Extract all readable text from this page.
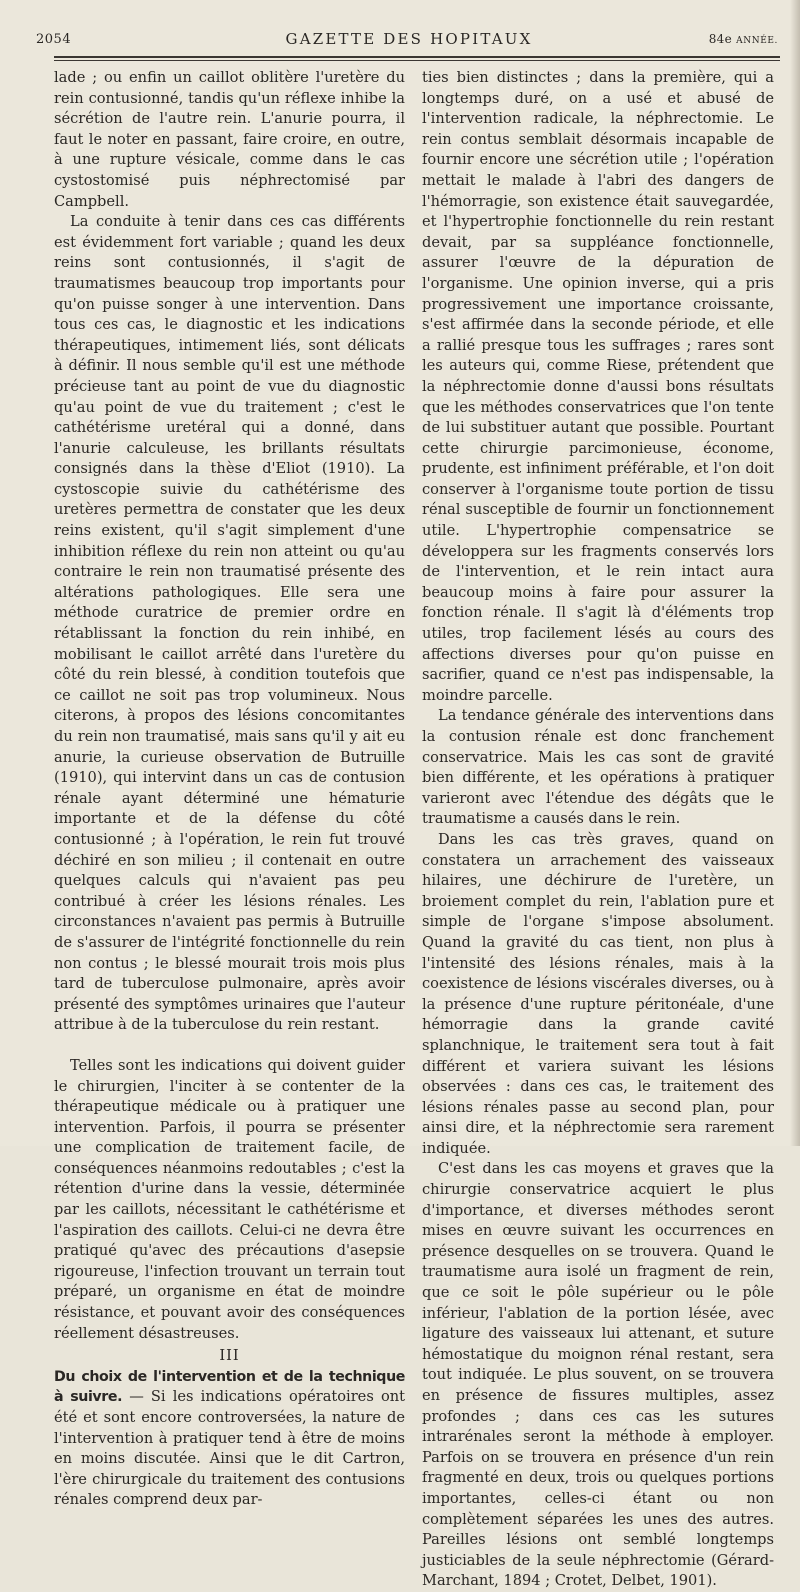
2054	GAZETTE DES HOPITAUX	84e ANNÉE.

lade ; ou enfin un caillot oblitère l'uretère du rein contusionné, tandis qu'un réflexe inhibe la sécrétion de l'autre rein. L'anurie pourra, il faut le noter en passant, faire croire, en outre, à une rupture vésicale, comme dans le cas cystostomisé puis néphrectomisé par Campbell.

La conduite à tenir dans ces cas différents est évidemment fort variable ; quand les deux reins sont contusionnés, il s'agit de traumatismes beaucoup trop importants pour qu'on puisse songer à une intervention. Dans tous ces cas, le diagnostic et les indications thérapeutiques, intimement liés, sont délicats à définir. Il nous semble qu'il est une méthode précieuse tant au point de vue du diagnostic qu'au point de vue du traitement ; c'est le cathétérisme uretéral qui a donné, dans l'anurie calculeuse, les brillants résultats consignés dans la thèse d'Eliot (1910). La cystoscopie suivie du cathétérisme des uretères permettra de constater que les deux reins existent, qu'il s'agit simplement d'une inhibition réflexe du rein non atteint ou qu'au contraire le rein non traumatisé présente des altérations pathologiques. Elle sera une méthode curatrice de premier ordre en rétablissant la fonction du rein inhibé, en mobilisant le caillot arrêté dans l'uretère du côté du rein blessé, à condition toutefois que ce caillot ne soit pas trop volumineux. Nous citerons, à propos des lésions concomitantes du rein non traumatisé, mais sans qu'il y ait eu anurie, la curieuse observation de Butruille (1910), qui intervint dans un cas de contusion rénale ayant déterminé une hématurie importante et de la défense du côté contusionné ; à l'opération, le rein fut trouvé déchiré en son milieu ; il contenait en outre quelques calculs qui n'avaient pas peu contribué à créer les lésions rénales. Les circonstances n'avaient pas permis à Butruille de s'assurer de l'intégrité fonctionnelle du rein non contus ; le blessé mourait trois mois plus tard de tuberculose pulmonaire, après avoir présenté des symptômes urinaires que l'auteur attribue à de la tuberculose du rein restant.

Telles sont les indications qui doivent guider le chirurgien, l'inciter à se contenter de la thérapeutique médicale ou à pratiquer une intervention. Parfois, il pourra se présenter une complication de traitement facile, de conséquences néanmoins redoutables ; c'est la rétention d'urine dans la vessie, déterminée par les caillots, nécessitant le cathétérisme et l'aspiration des caillots. Celui-ci ne devra être pratiqué qu'avec des précautions d'asepsie rigoureuse, l'infection trouvant un terrain tout préparé, un organisme en état de moindre résistance, et pouvant avoir des conséquences réellement désastreuses.

III

Du choix de l'intervention et de la technique à suivre. — Si les indications opératoires ont été et sont encore controversées, la nature de l'intervention à pratiquer tend à être de moins en moins discutée. Ainsi que le dit Cartron, l'ère chirurgicale du traitement des contusions rénales comprend deux par-

ties bien distinctes ; dans la première, qui a longtemps duré, on a usé et abusé de l'intervention radicale, la néphrectomie. Le rein contus semblait désormais incapable de fournir encore une sécrétion utile ; l'opération mettait le malade à l'abri des dangers de l'hémorragie, son existence était sauvegardée, et l'hypertrophie fonctionnelle du rein restant devait, par sa suppléance fonctionnelle, assurer l'œuvre de la dépuration de l'organisme. Une opinion inverse, qui a pris progressivement une importance croissante, s'est affirmée dans la seconde période, et elle a rallié presque tous les suffrages ; rares sont les auteurs qui, comme Riese, prétendent que la néphrectomie donne d'aussi bons résultats que les méthodes conservatrices que l'on tente de lui substituer autant que possible. Pourtant cette chirurgie parcimonieuse, économe, prudente, est infiniment préférable, et l'on doit conserver à l'organisme toute portion de tissu rénal susceptible de fournir un fonctionnement utile. L'hypertrophie compensatrice se développera sur les fragments conservés lors de l'intervention, et le rein intact aura beaucoup moins à faire pour assurer la fonction rénale. Il s'agit là d'éléments trop utiles, trop facilement lésés au cours des affections diverses pour qu'on puisse en sacrifier, quand ce n'est pas indispensable, la moindre parcelle.

La tendance générale des interventions dans la contusion rénale est donc franchement conservatrice. Mais les cas sont de gravité bien différente, et les opérations à pratiquer varieront avec l'étendue des dégâts que le traumatisme a causés dans le rein.

Dans les cas très graves, quand on constatera un arrachement des vaisseaux hilaires, une déchirure de l'uretère, un broiement complet du rein, l'ablation pure et simple de l'organe s'impose absolument. Quand la gravité du cas tient, non plus à l'intensité des lésions rénales, mais à la coexistence de lésions viscérales diverses, ou à la présence d'une rupture péritonéale, d'une hémorragie dans la grande cavité splanchnique, le traitement sera tout à fait différent et variera suivant les lésions observées : dans ces cas, le traitement des lésions rénales passe au second plan, pour ainsi dire, et la néphrectomie sera rarement indiquée.

C'est dans les cas moyens et graves que la chirurgie conservatrice acquiert le plus d'importance, et diverses méthodes seront mises en œuvre suivant les occurrences en présence desquelles on se trouvera. Quand le traumatisme aura isolé un fragment de rein, que ce soit le pôle supérieur ou le pôle inférieur, l'ablation de la portion lésée, avec ligature des vaisseaux lui attenant, et suture hémostatique du moignon rénal restant, sera tout indiquée. Le plus souvent, on se trouvera en présence de fissures multiples, assez profondes ; dans ces cas les sutures intrarénales seront la méthode à employer. Parfois on se trouvera en présence d'un rein fragmenté en deux, trois ou quelques portions importantes, celles-ci étant ou non complètement séparées les unes des autres. Pareilles lésions ont semblé longtemps justiciables de la seule néphrectomie (Gérard-Marchant, 1894 ; Crotet, Delbet, 1901).
